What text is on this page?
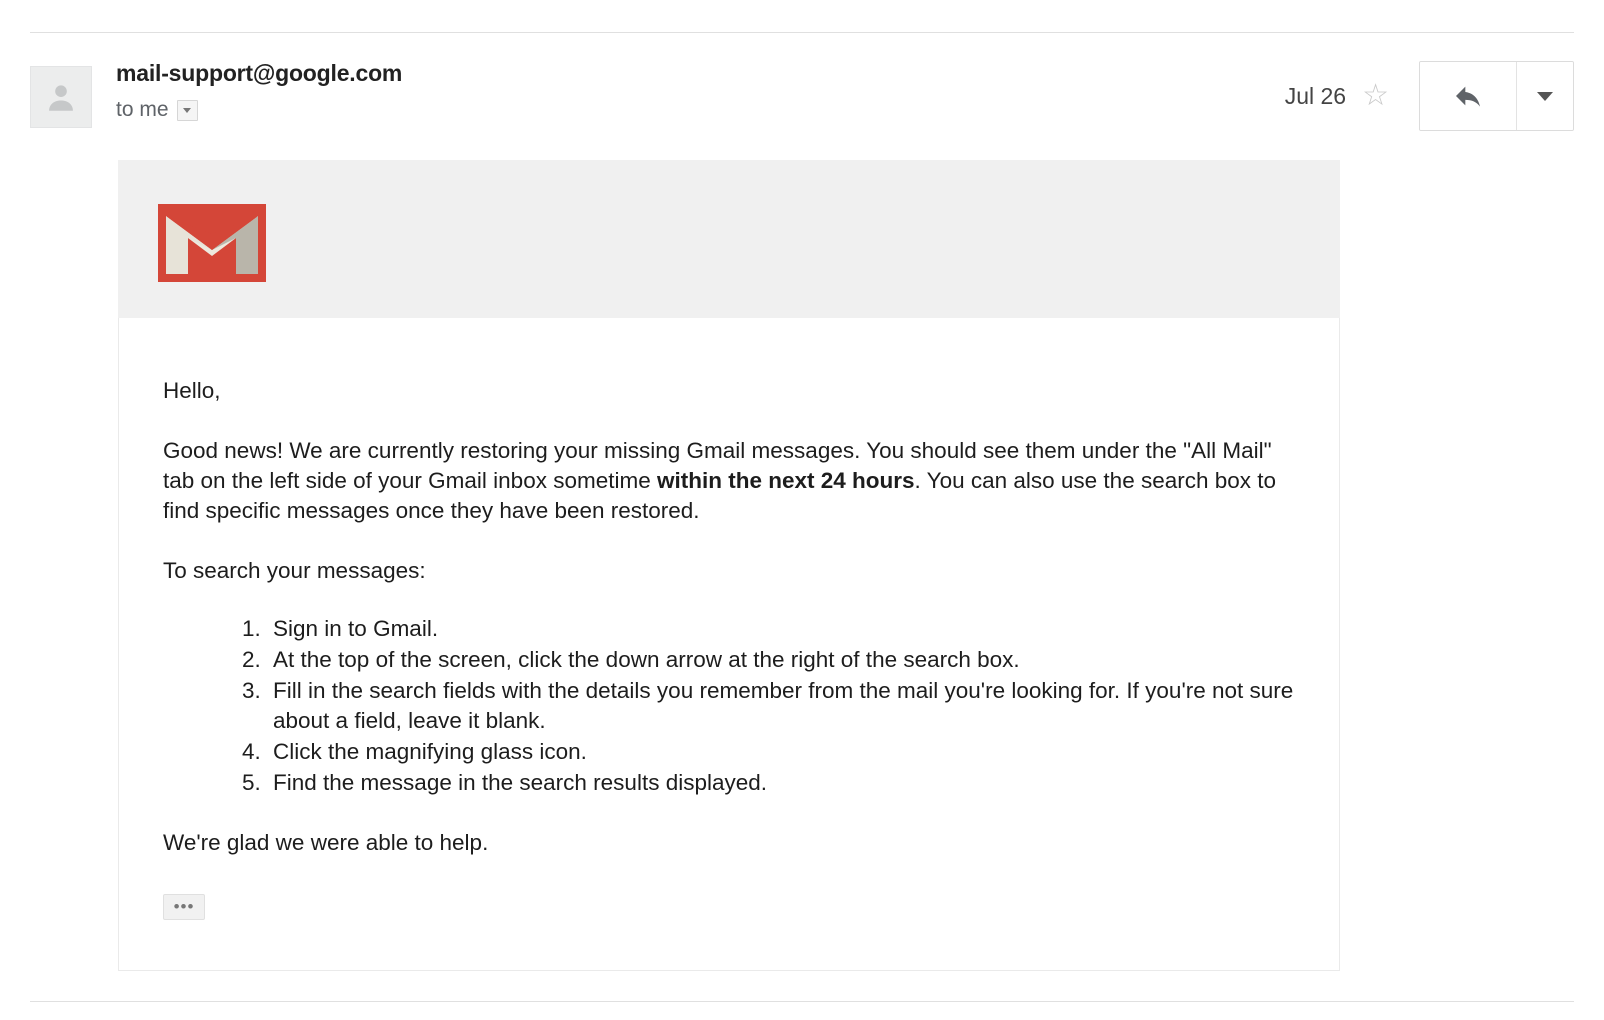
mail-support@google.com
to me
Jul 26 ☆

Hello,

Good news! We are currently restoring your missing Gmail messages. You should see them under the "All Mail" tab on the left side of your Gmail inbox sometime within the next 24 hours. You can also use the search box to find specific messages once they have been restored.

To search your messages:

1. Sign in to Gmail.
2. At the top of the screen, click the down arrow at the right of the search box.
3. Fill in the search fields with the details you remember from the mail you're looking for. If you're not sure about a field, leave it blank.
4. Click the magnifying glass icon.
5. Find the message in the search results displayed.

We're glad we were able to help.

•••
